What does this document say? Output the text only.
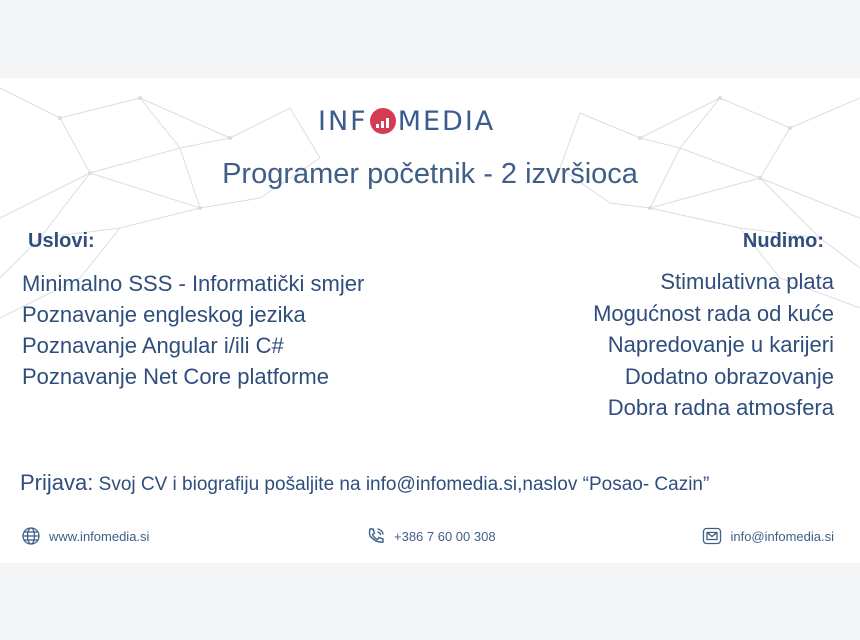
INF MEDIA
Programer početnik - 2 izvršioca
Uslovi:	Nudimo:
Minimalno SSS - Informatički smjer
Poznavanje engleskog jezika
Poznavanje Angular i/ili C#
Poznavanje Net Core platforme
Stimulativna plata
Mogućnost rada od kuće
Napredovanje u karijeri
Dodatno obrazovanje
Dobra radna atmosfera
Prijava: Svoj CV i biografiju pošaljite na info@infomedia.si,naslov “Posao- Cazin”
www.infomedia.si	+386 7 60 00 308	info@infomedia.si
